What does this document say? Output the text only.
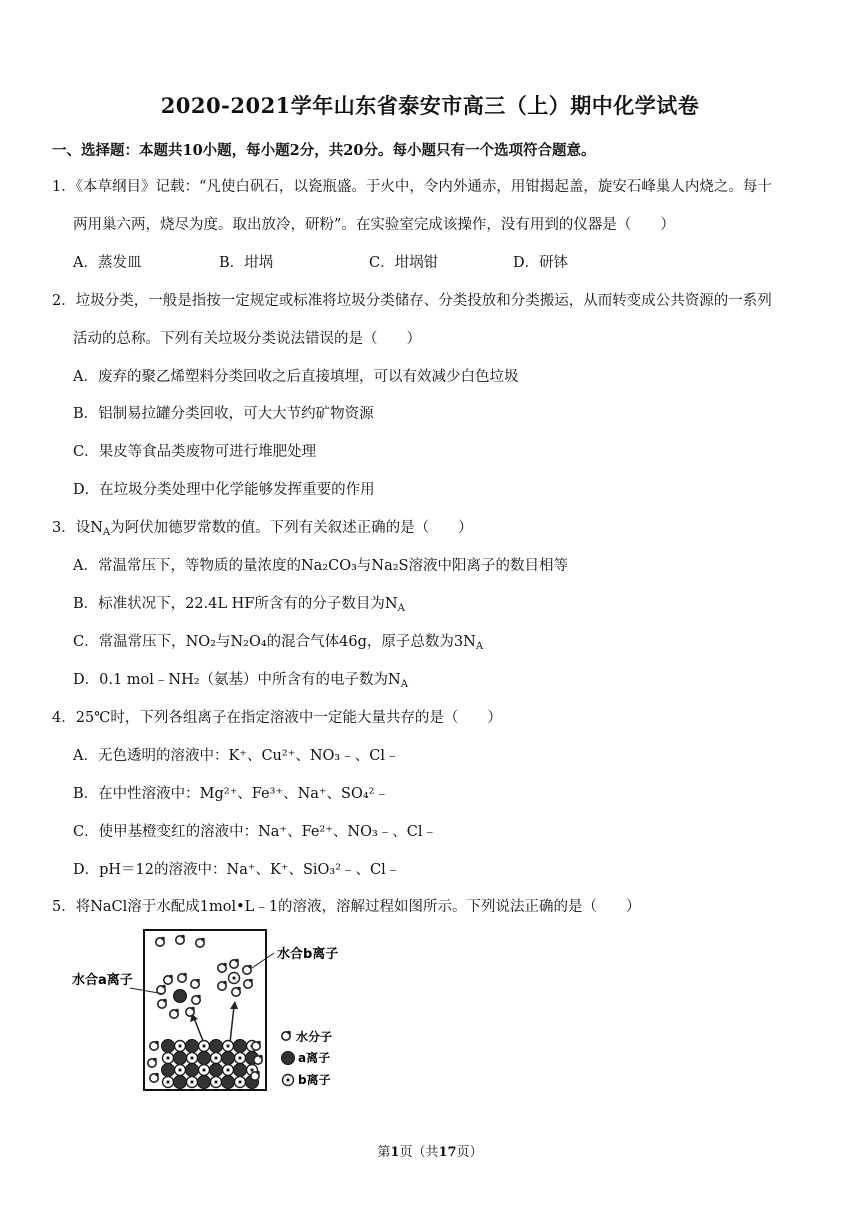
2020-2021学年山东省泰安市高三（上）期中化学试卷
一、选择题：本题共10小题，每小题2分，共20分。每小题只有一个选项符合题意。
1．《本草纲目》记载：“凡使白矾石，以瓷瓶盛。于火中，令内外通赤，用钳揭起盖，旋安石峰巢人内烧之。每十
两用巢六两，烧尽为度。取出放冷，研粉”。在实验室完成该操作，没有用到的仪器是（　　）
A．蒸发皿	B．坩埚	C．坩埚钳	D．研钵
2．垃圾分类，一般是指按一定规定或标准将垃圾分类储存、分类投放和分类搬运，从而转变成公共资源的一系列
活动的总称。下列有关垃圾分类说法错误的是（　　）
A．废弃的聚乙烯塑料分类回收之后直接填埋，可以有效减少白色垃圾
B．铝制易拉罐分类回收，可大大节约矿物资源
C．果皮等食品类废物可进行堆肥处理
D．在垃圾分类处理中化学能够发挥重要的作用
3．设$N_A$为阿伏加德罗常数的值。下列有关叙述正确的是（　　）
A．常温常压下，等物质的量浓度的Na₂CO₃与Na₂S溶液中阳离子的数目相等
B．标准状况下，22.4L HF所含有的分子数目为$N_A$
C．常温常压下，NO₂与N₂O₄的混合气体46g，原子总数为$3N_A$
D．0.1 mol﹣NH₂（氨基）中所含有的电子数为$N_A$
4．25℃时，下列各组离子在指定溶液中一定能大量共存的是（　　）
A．无色透明的溶液中：K⁺、Cu²⁺、NO₃﹣、Cl﹣
B．在中性溶液中：Mg²⁺、Fe³⁺、Na⁺、SO₄²﹣
C．使甲基橙变红的溶液中：Na⁺、Fe²⁺、NO₃﹣、Cl﹣
D．pH＝12的溶液中：Na⁺、K⁺、SiO₃²﹣、Cl﹣
5．将NaCl溶于水配成1mol•L﹣1的溶液，溶解过程如图所示。下列说法正确的是（　　）
水合a离子
水合b离子
水分子
a离子
b离子
第1页（共17页）
